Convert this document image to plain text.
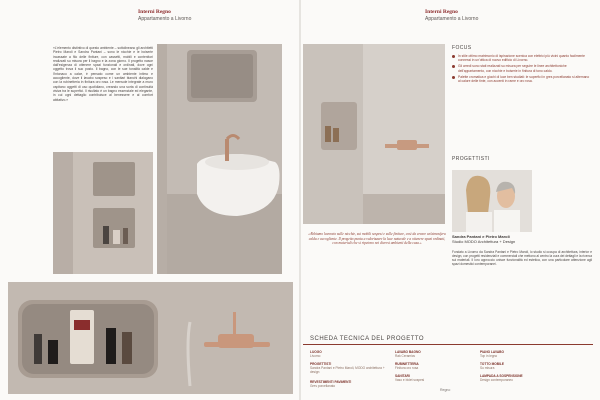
Interni Regno
Appartamento a Livorno
Interni Regno
Appartamento a Livorno
«L'elemento distintivo di questo ambiente – sottolineano gli architetti Pietro Maroli e Sandra Pantani – sono le nicchie e le boiserie incassate a filo delle finiture, con cassetti, mobili e contenitori realizzati su misura per il bagno e la zona giorno. Il progetto nasce dall'esigenza di ottenere spazi funzionali e ordinati, dove ogni oggetto trova il suo posto. Il bagno, con le sue tonalità calde e l'intonaco a calce, è pensato come un ambiente intimo e accogliente, dove il lavabo sospeso e i sanitari bianchi dialogano con la rubinetteria in finitura oro rosa. Le mensole integrate a muro ospitano oggetti di uso quotidiano, creando una sorta di continuità visiva tra le superfici. Il risultato è un bagno essenziale ed elegante, in cui ogni dettaglio contribuisce al benessere e al comfort abitativo.»
FOCUS
In stile ottimo matrimonio di ispirazione scenica con elettrici più vicini quanto facilmente connessi in un'ottica di nuovo edificio di Livorno.
Gli arredi sono stati realizzati su misura per seguire le linee architettoniche dell'appartamento, con nicchie e boiserie in finitura di tono caldo.
Palette cromatica e giochi di luce ben studiati: le superfici in gres porcellanato si alternano al calore delle tinte, con accenti in rame e oro rosa.
«Abbiamo lavorato sulle nicchie, sui mobili sospesi e sulle finiture, così da creare un'atmosfera calda e accogliente. Il progetto punta a valorizzare la luce naturale e a ottenere spazi ordinati, con materiali che si ripetono nei diversi ambienti della casa.»
PROGETTISTI
Sandra Pantani e Pietro Maroli
Studio MODO Architettura + Design
Fondato a Livorno da Sandra Pantani e Pietro Maroli, lo studio si occupa di architettura, interior e design, con progetti residenziali e commerciali che mettono al centro la cura dei dettagli e la ricerca sui materiali. Il loro approccio unisce funzionalità ed estetica, con una particolare attenzione agli spazi domestici contemporanei.
SCHEDA TECNICA DEL PROGETTO
LUOGO
Livorno
PROGETTISTI
Sandra Pantani e Pietro Maroli, MODO architettura + design
REVESTIMENTI PAVIMENTI
Gres porcellanato
LAVABO BAGNO
Rak Ceramics
RUBINETTERIA
Finitura oro rosa
SANITARI
Vaso e bidet sospesi
PIANO LAVABO
Top in legno
TOTTO MOBILE
Su misura
LAMPADA A SOSPENSIONE
Design contemporaneo
Regno
